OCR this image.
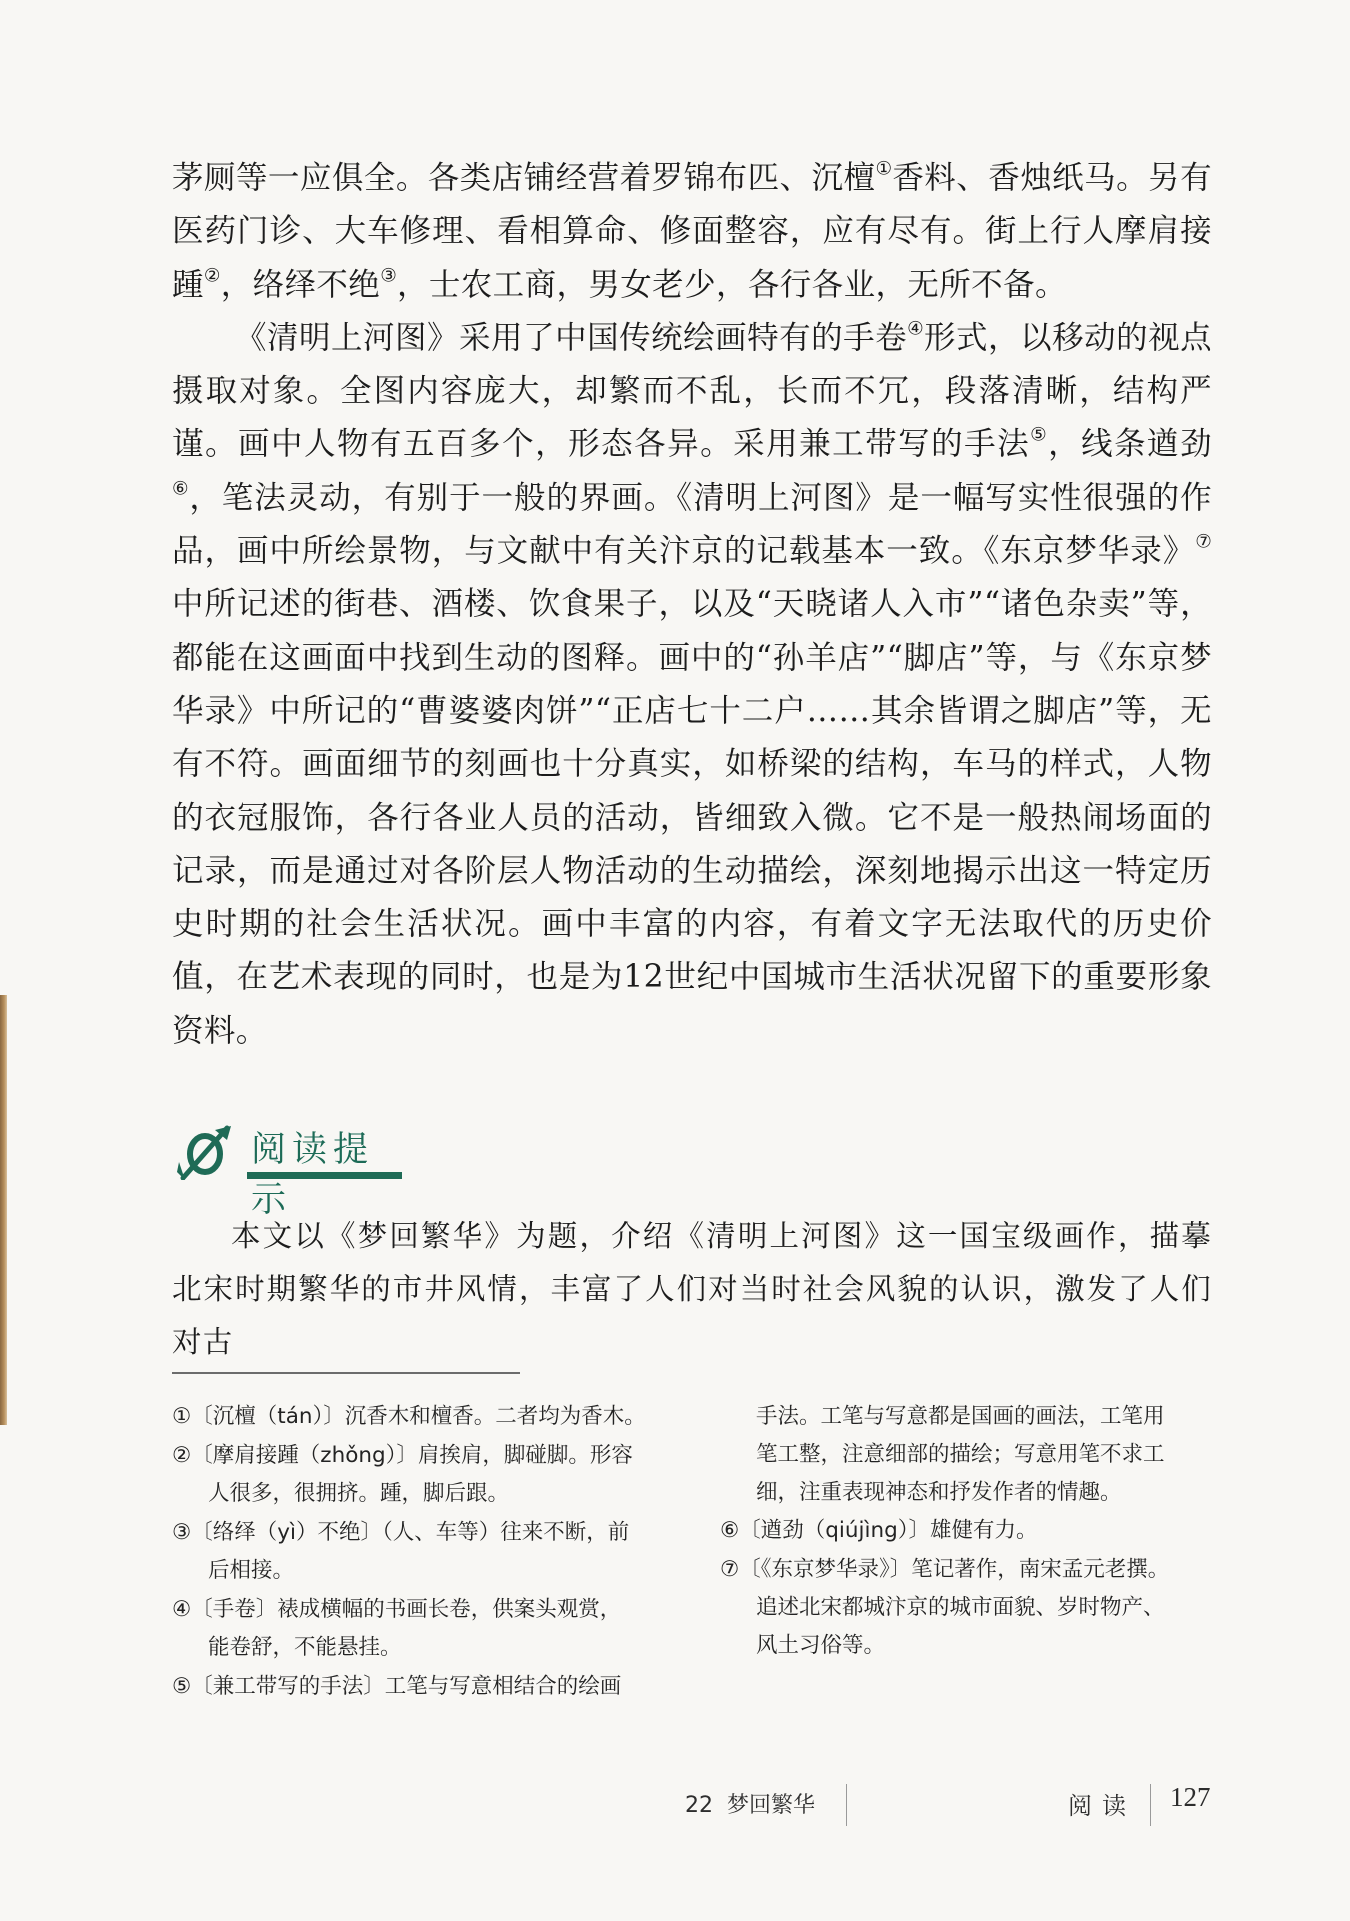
茅厕等一应俱全。各类店铺经营着罗锦布匹、沉檀①香料、香烛纸马。另有医药门诊、大车修理、看相算命、修面整容，应有尽有。街上行人摩肩接踵②，络绎不绝③，士农工商，男女老少，各行各业，无所不备。

《清明上河图》采用了中国传统绘画特有的手卷④形式，以移动的视点摄取对象。全图内容庞大，却繁而不乱，长而不冗，段落清晰，结构严谨。画中人物有五百多个，形态各异。采用兼工带写的手法⑤，线条遒劲⑥，笔法灵动，有别于一般的界画。《清明上河图》是一幅写实性很强的作品，画中所绘景物，与文献中有关汴京的记载基本一致。《东京梦华录》⑦中所记述的街巷、酒楼、饮食果子，以及“天晓诸人入市”“诸色杂卖”等，都能在这画面中找到生动的图释。画中的“孙羊店”“脚店”等，与《东京梦华录》中所记的“曹婆婆肉饼”“正店七十二户……其余皆谓之脚店”等，无有不符。画面细节的刻画也十分真实，如桥梁的结构，车马的样式，人物的衣冠服饰，各行各业人员的活动，皆细致入微。它不是一般热闹场面的记录，而是通过对各阶层人物活动的生动描绘，深刻地揭示出这一特定历史时期的社会生活状况。画中丰富的内容，有着文字无法取代的历史价值，在艺术表现的同时，也是为12世纪中国城市生活状况留下的重要形象资料。

阅读提示

本文以《梦回繁华》为题，介绍《清明上河图》这一国宝级画作，描摹北宋时期繁华的市井风情，丰富了人们对当时社会风貌的认识，激发了人们对古

①〔沉檀（tán）〕沉香木和檀香。二者均为香木。
②〔摩肩接踵（zhǒng）〕肩挨肩，脚碰脚。形容
人很多，很拥挤。踵，脚后跟。
③〔络绎（yì）不绝〕（人、车等）往来不断，前
后相接。
④〔手卷〕裱成横幅的书画长卷，供案头观赏，
能卷舒，不能悬挂。
⑤〔兼工带写的手法〕工笔与写意相结合的绘画
手法。工笔与写意都是国画的画法，工笔用
笔工整，注意细部的描绘；写意用笔不求工
细，注重表现神态和抒发作者的情趣。
⑥〔遒劲（qiújìng）〕雄健有力。
⑦〔《东京梦华录》〕笔记著作，南宋孟元老撰。
追述北宋都城汴京的城市面貌、岁时物产、
风土习俗等。
22 梦回繁华	阅读 127
